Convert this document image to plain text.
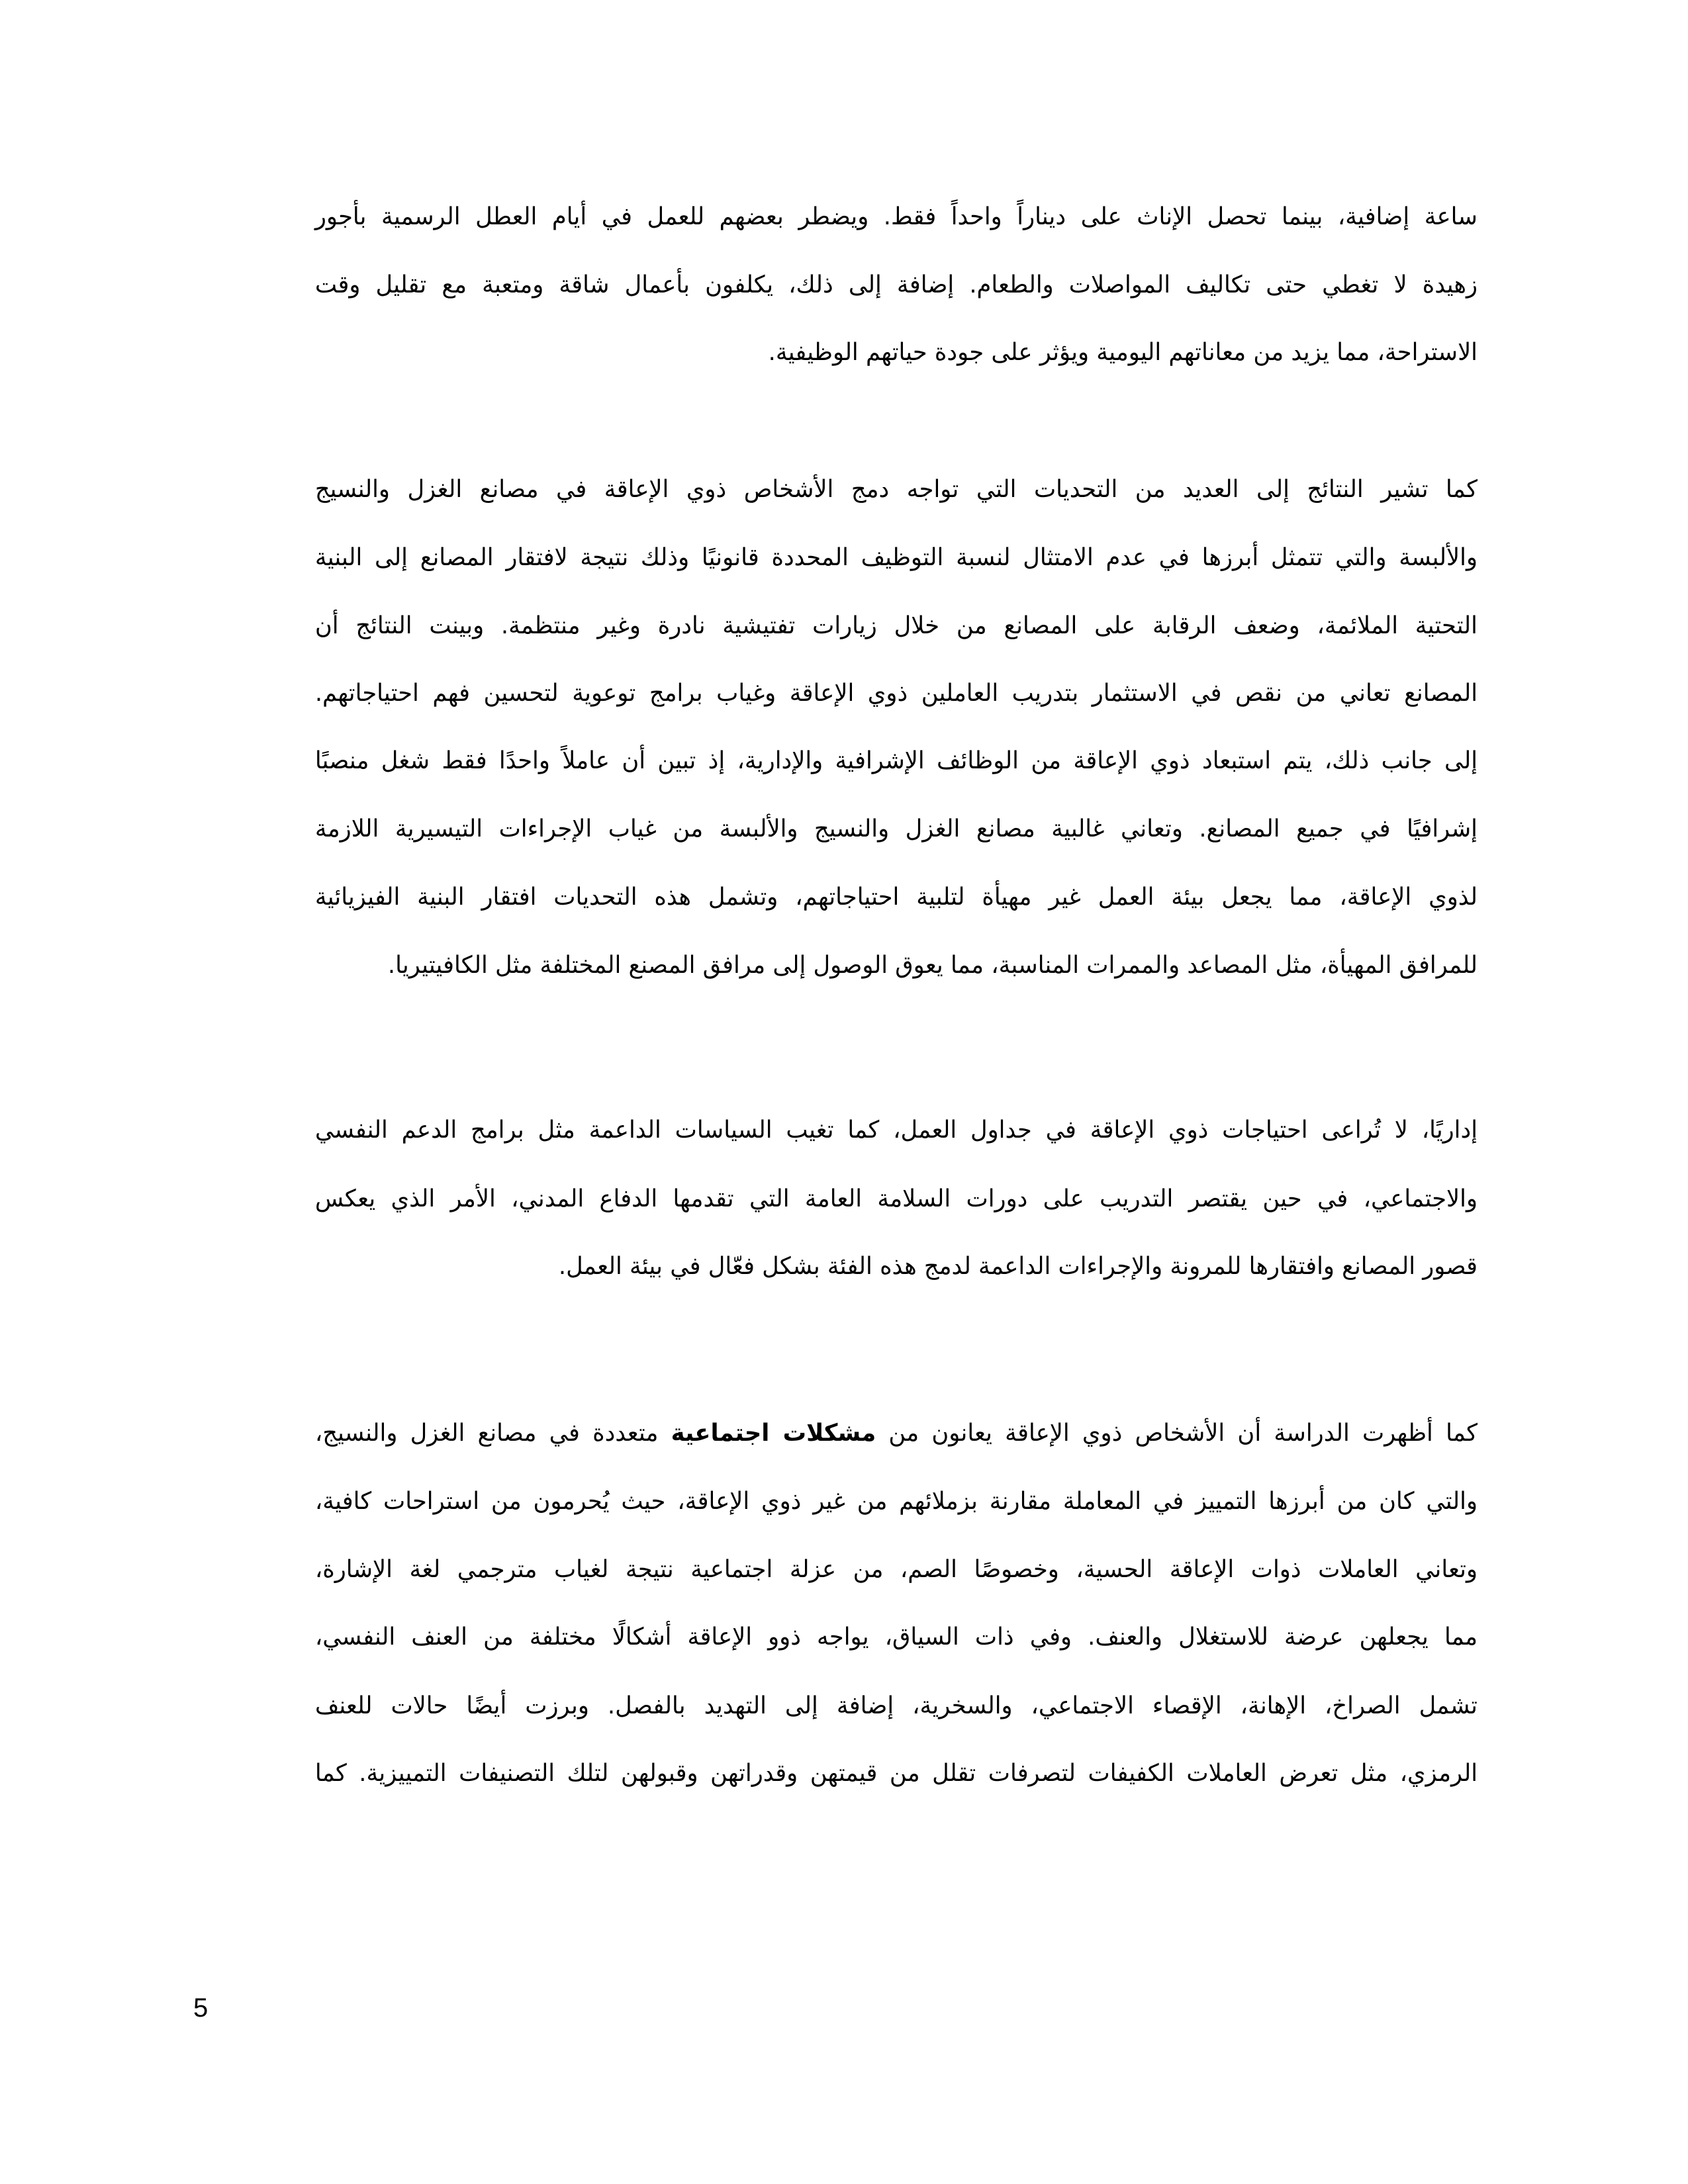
ساعة إضافية، بينما تحصل الإناث على ديناراً واحداً فقط. ويضطر بعضهم للعمل في أيام العطل الرسمية بأجور
زهيدة لا تغطي حتى تكاليف المواصلات والطعام. إضافة إلى ذلك، يكلفون بأعمال شاقة ومتعبة مع تقليل وقت
الاستراحة، مما يزيد من معاناتهم اليومية ويؤثر على جودة حياتهم الوظيفية.
كما تشير النتائج إلى العديد من التحديات التي تواجه دمج الأشخاص ذوي الإعاقة في مصانع الغزل والنسيج
والألبسة والتي تتمثل أبرزها في عدم الامتثال لنسبة التوظيف المحددة قانونيًا وذلك نتيجة لافتقار المصانع إلى البنية
التحتية الملائمة، وضعف الرقابة على المصانع من خلال زيارات تفتيشية نادرة وغير منتظمة. وبينت النتائج أن
المصانع تعاني من نقص في الاستثمار بتدريب العاملين ذوي الإعاقة وغياب برامج توعوية لتحسين فهم احتياجاتهم.
إلى جانب ذلك، يتم استبعاد ذوي الإعاقة من الوظائف الإشرافية والإدارية، إذ تبين أن عاملاً واحدًا فقط شغل منصبًا
إشرافيًا في جميع المصانع. وتعاني غالبية مصانع الغزل والنسيج والألبسة من غياب الإجراءات التيسيرية اللازمة
لذوي الإعاقة، مما يجعل بيئة العمل غير مهيأة لتلبية احتياجاتهم، وتشمل هذه التحديات افتقار البنية الفيزيائية
للمرافق المهيأة، مثل المصاعد والممرات المناسبة، مما يعوق الوصول إلى مرافق المصنع المختلفة مثل الكافيتيريا.
إداريًا، لا تُراعى احتياجات ذوي الإعاقة في جداول العمل، كما تغيب السياسات الداعمة مثل برامج الدعم النفسي
والاجتماعي، في حين يقتصر التدريب على دورات السلامة العامة التي تقدمها الدفاع المدني، الأمر الذي يعكس
قصور المصانع وافتقارها للمرونة والإجراءات الداعمة لدمج هذه الفئة بشكل فعّال في بيئة العمل.
كما أظهرت الدراسة أن الأشخاص ذوي الإعاقة يعانون من مشكلات اجتماعية متعددة في مصانع الغزل والنسيج،
والتي كان من أبرزها التمييز في المعاملة مقارنة بزملائهم من غير ذوي الإعاقة، حيث يُحرمون من استراحات كافية،
وتعاني العاملات ذوات الإعاقة الحسية، وخصوصًا الصم، من عزلة اجتماعية نتيجة لغياب مترجمي لغة الإشارة،
مما يجعلهن عرضة للاستغلال والعنف. وفي ذات السياق، يواجه ذوو الإعاقة أشكالًا مختلفة من العنف النفسي،
تشمل الصراخ، الإهانة، الإقصاء الاجتماعي، والسخرية، إضافة إلى التهديد بالفصل. وبرزت أيضًا حالات للعنف
الرمزي، مثل تعرض العاملات الكفيفات لتصرفات تقلل من قيمتهن وقدراتهن وقبولهن لتلك التصنيفات التمييزية. كما
5
